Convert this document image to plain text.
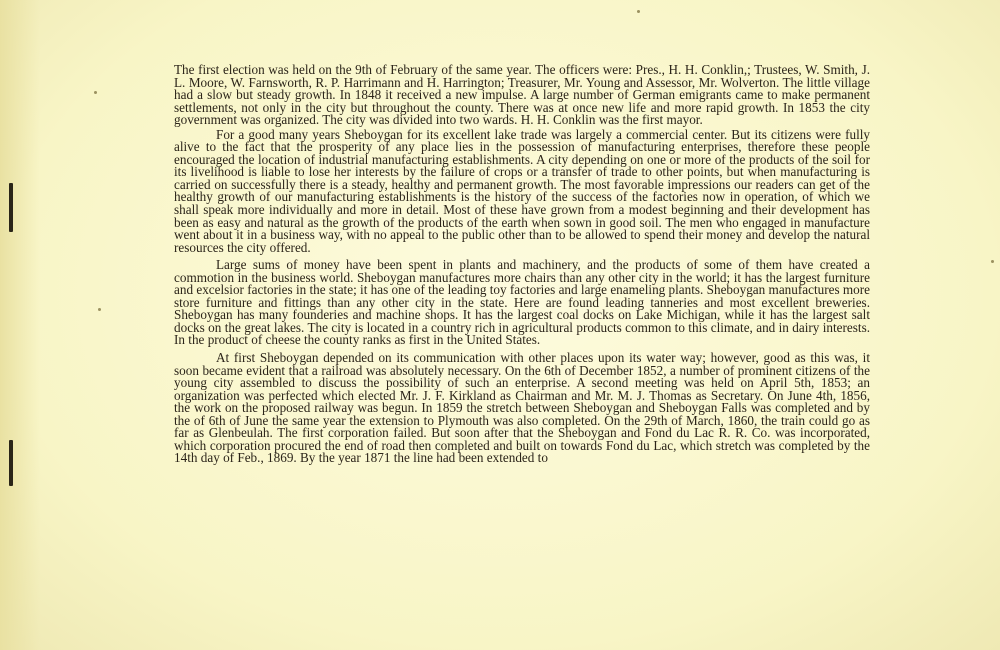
The first election was held on the 9th of February of the same year. The officers were: Pres., H. H. Conklin,; Trustees, W. Smith, J. L. Moore, W. Farnsworth, R. P. Harrimann and H. Harrington; Treasurer, Mr. Young and Assessor, Mr. Wolverton. The little village had a slow but steady growth. In 1848 it received a new impulse. A large number of German emigrants came to make permanent settlements, not only in the city but throughout the county. There was at once new life and more rapid growth. In 1853 the city government was organized. The city was divided into two wards. H. H. Conklin was the first mayor.

For a good many years Sheboygan for its excellent lake trade was largely a commercial center. But its citizens were fully alive to the fact that the prosperity of any place lies in the possession of manufacturing enterprises, therefore these people encouraged the location of industrial manufacturing establishments. A city depending on one or more of the products of the soil for its livelihood is liable to lose her interests by the failure of crops or a transfer of trade to other points, but when manufacturing is carried on successfully there is a steady, healthy and permanent growth. The most favorable impressions our readers can get of the healthy growth of our manufacturing establishments is the history of the success of the factories now in operation, of which we shall speak more individually and more in detail. Most of these have grown from a modest beginning and their development has been as easy and natural as the growth of the products of the earth when sown in good soil. The men who engaged in manufacture went about it in a business way, with no appeal to the public other than to be allowed to spend their money and develop the natural resources the city offered.

Large sums of money have been spent in plants and machinery, and the products of some of them have created a commotion in the business world. Sheboygan manufactures more chairs than any other city in the world; it has the largest furniture and excelsior factories in the state; it has one of the leading toy factories and large enameling plants. Sheboygan manufactures more store furniture and fittings than any other city in the state. Here are found leading tanneries and most excellent breweries. Sheboygan has many founderies and machine shops. It has the largest coal docks on Lake Michigan, while it has the largest salt docks on the great lakes. The city is located in a country rich in agricultural products common to this climate, and in dairy interests. In the product of cheese the county ranks as first in the United States.

At first Sheboygan depended on its communication with other places upon its water way; however, good as this was, it soon became evident that a railroad was absolutely necessary. On the 6th of December 1852, a number of prominent citizens of the young city assembled to discuss the possibility of such an enterprise. A second meeting was held on April 5th, 1853; an organization was perfected which elected Mr. J. F. Kirkland as Chairman and Mr. M. J. Thomas as Secretary. On June 4th, 1856, the work on the proposed railway was begun. In 1859 the stretch between Sheboygan and Sheboygan Falls was completed and by the of 6th of June the same year the extension to Plymouth was also completed. On the 29th of March, 1860, the train could go as far as Glenbeulah. The first corporation failed. But soon after that the Sheboygan and Fond du Lac R. R. Co. was incorporated, which corporation procured the end of road then completed and built on towards Fond du Lac, which stretch was completed by the 14th day of Feb., 1869. By the year 1871 the line had been extended to
